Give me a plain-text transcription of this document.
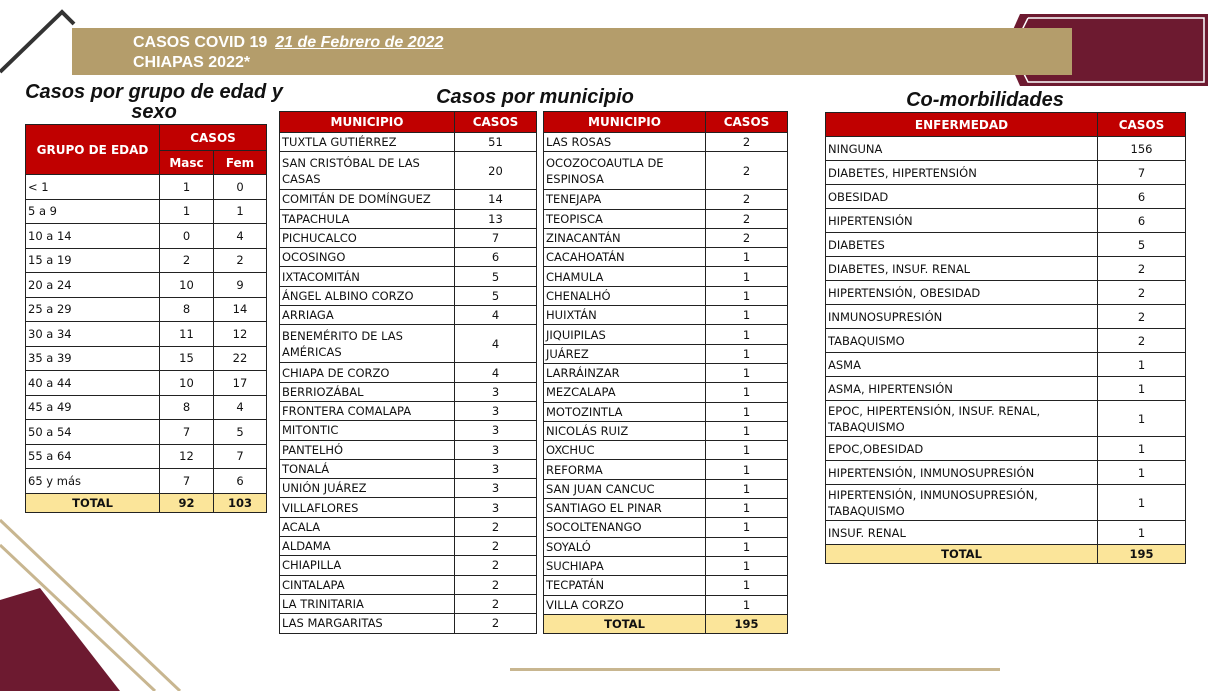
CASOS COVID 19 21 de Febrero de 2022
CHIAPAS 2022*
Casos por grupo de edad y sexo
Casos por municipio	Co-morbilidades
GRUPO DE EDAD	CASOS	
	Masc	Fem
< 1	1	0
5 a 9	1	1
10 a 14	0	4
15 a 19	2	2
20 a 24	10	9
25 a 29	8	14
30 a 34	11	12
35 a 39	15	22
40 a 44	10	17
45 a 49	8	4
50 a 54	7	5
55 a 64	12	7
65 y más	7	6
TOTAL	92	103
MUNICIPIO	CASOS
TUXTLA GUTIÉRREZ	51
SAN CRISTÓBAL DE LAS CASAS	20
COMITÁN DE DOMÍNGUEZ	14
TAPACHULA	13
PICHUCALCO	7
OCOSINGO	6
IXTACOMITÁN	5
ÁNGEL ALBINO CORZO	5
ARRIAGA	4
BENEMÉRITO DE LAS AMÉRICAS	4
CHIAPA DE CORZO	4
BERRIOZÁBAL	3
FRONTERA COMALAPA	3
MITONTIC	3
PANTELHÓ	3
TONALÁ	3
UNIÓN JUÁREZ	3
VILLAFLORES	3
ACALA	2
ALDAMA	2
CHIAPILLA	2
CINTALAPA	2
LA TRINITARIA	2
LAS MARGARITAS	2
MUNICIPIO	CASOS
LAS ROSAS	2
OCOZOCOAUTLA DE ESPINOSA	2
TENEJAPA	2
TEOPISCA	2
ZINACANTÁN	2
CACAHOATÁN	1
CHAMULA	1
CHENALHÓ	1
HUIXTÁN	1
JIQUIPILAS	1
JUÁREZ	1
LARRÁINZAR	1
MEZCALAPA	1
MOTOZINTLA	1
NICOLÁS RUIZ	1
OXCHUC	1
REFORMA	1
SAN JUAN CANCUC	1
SANTIAGO EL PINAR	1
SOCOLTENANGO	1
SOYALÓ	1
SUCHIAPA	1
TECPATÁN	1
VILLA CORZO	1
TOTAL	195
ENFERMEDAD	CASOS
NINGUNA	156
DIABETES, HIPERTENSIÓN	7
OBESIDAD	6
HIPERTENSIÓN	6
DIABETES	5
DIABETES, INSUF. RENAL	2
HIPERTENSIÓN, OBESIDAD	2
INMUNOSUPRESIÓN	2
TABAQUISMO	2
ASMA	1
ASMA, HIPERTENSIÓN	1
EPOC, HIPERTENSIÓN, INSUF. RENAL, TABAQUISMO	1
EPOC,OBESIDAD	1
HIPERTENSIÓN, INMUNOSUPRESIÓN	1
HIPERTENSIÓN, INMUNOSUPRESIÓN, TABAQUISMO	1
INSUF. RENAL	1
TOTAL	195
